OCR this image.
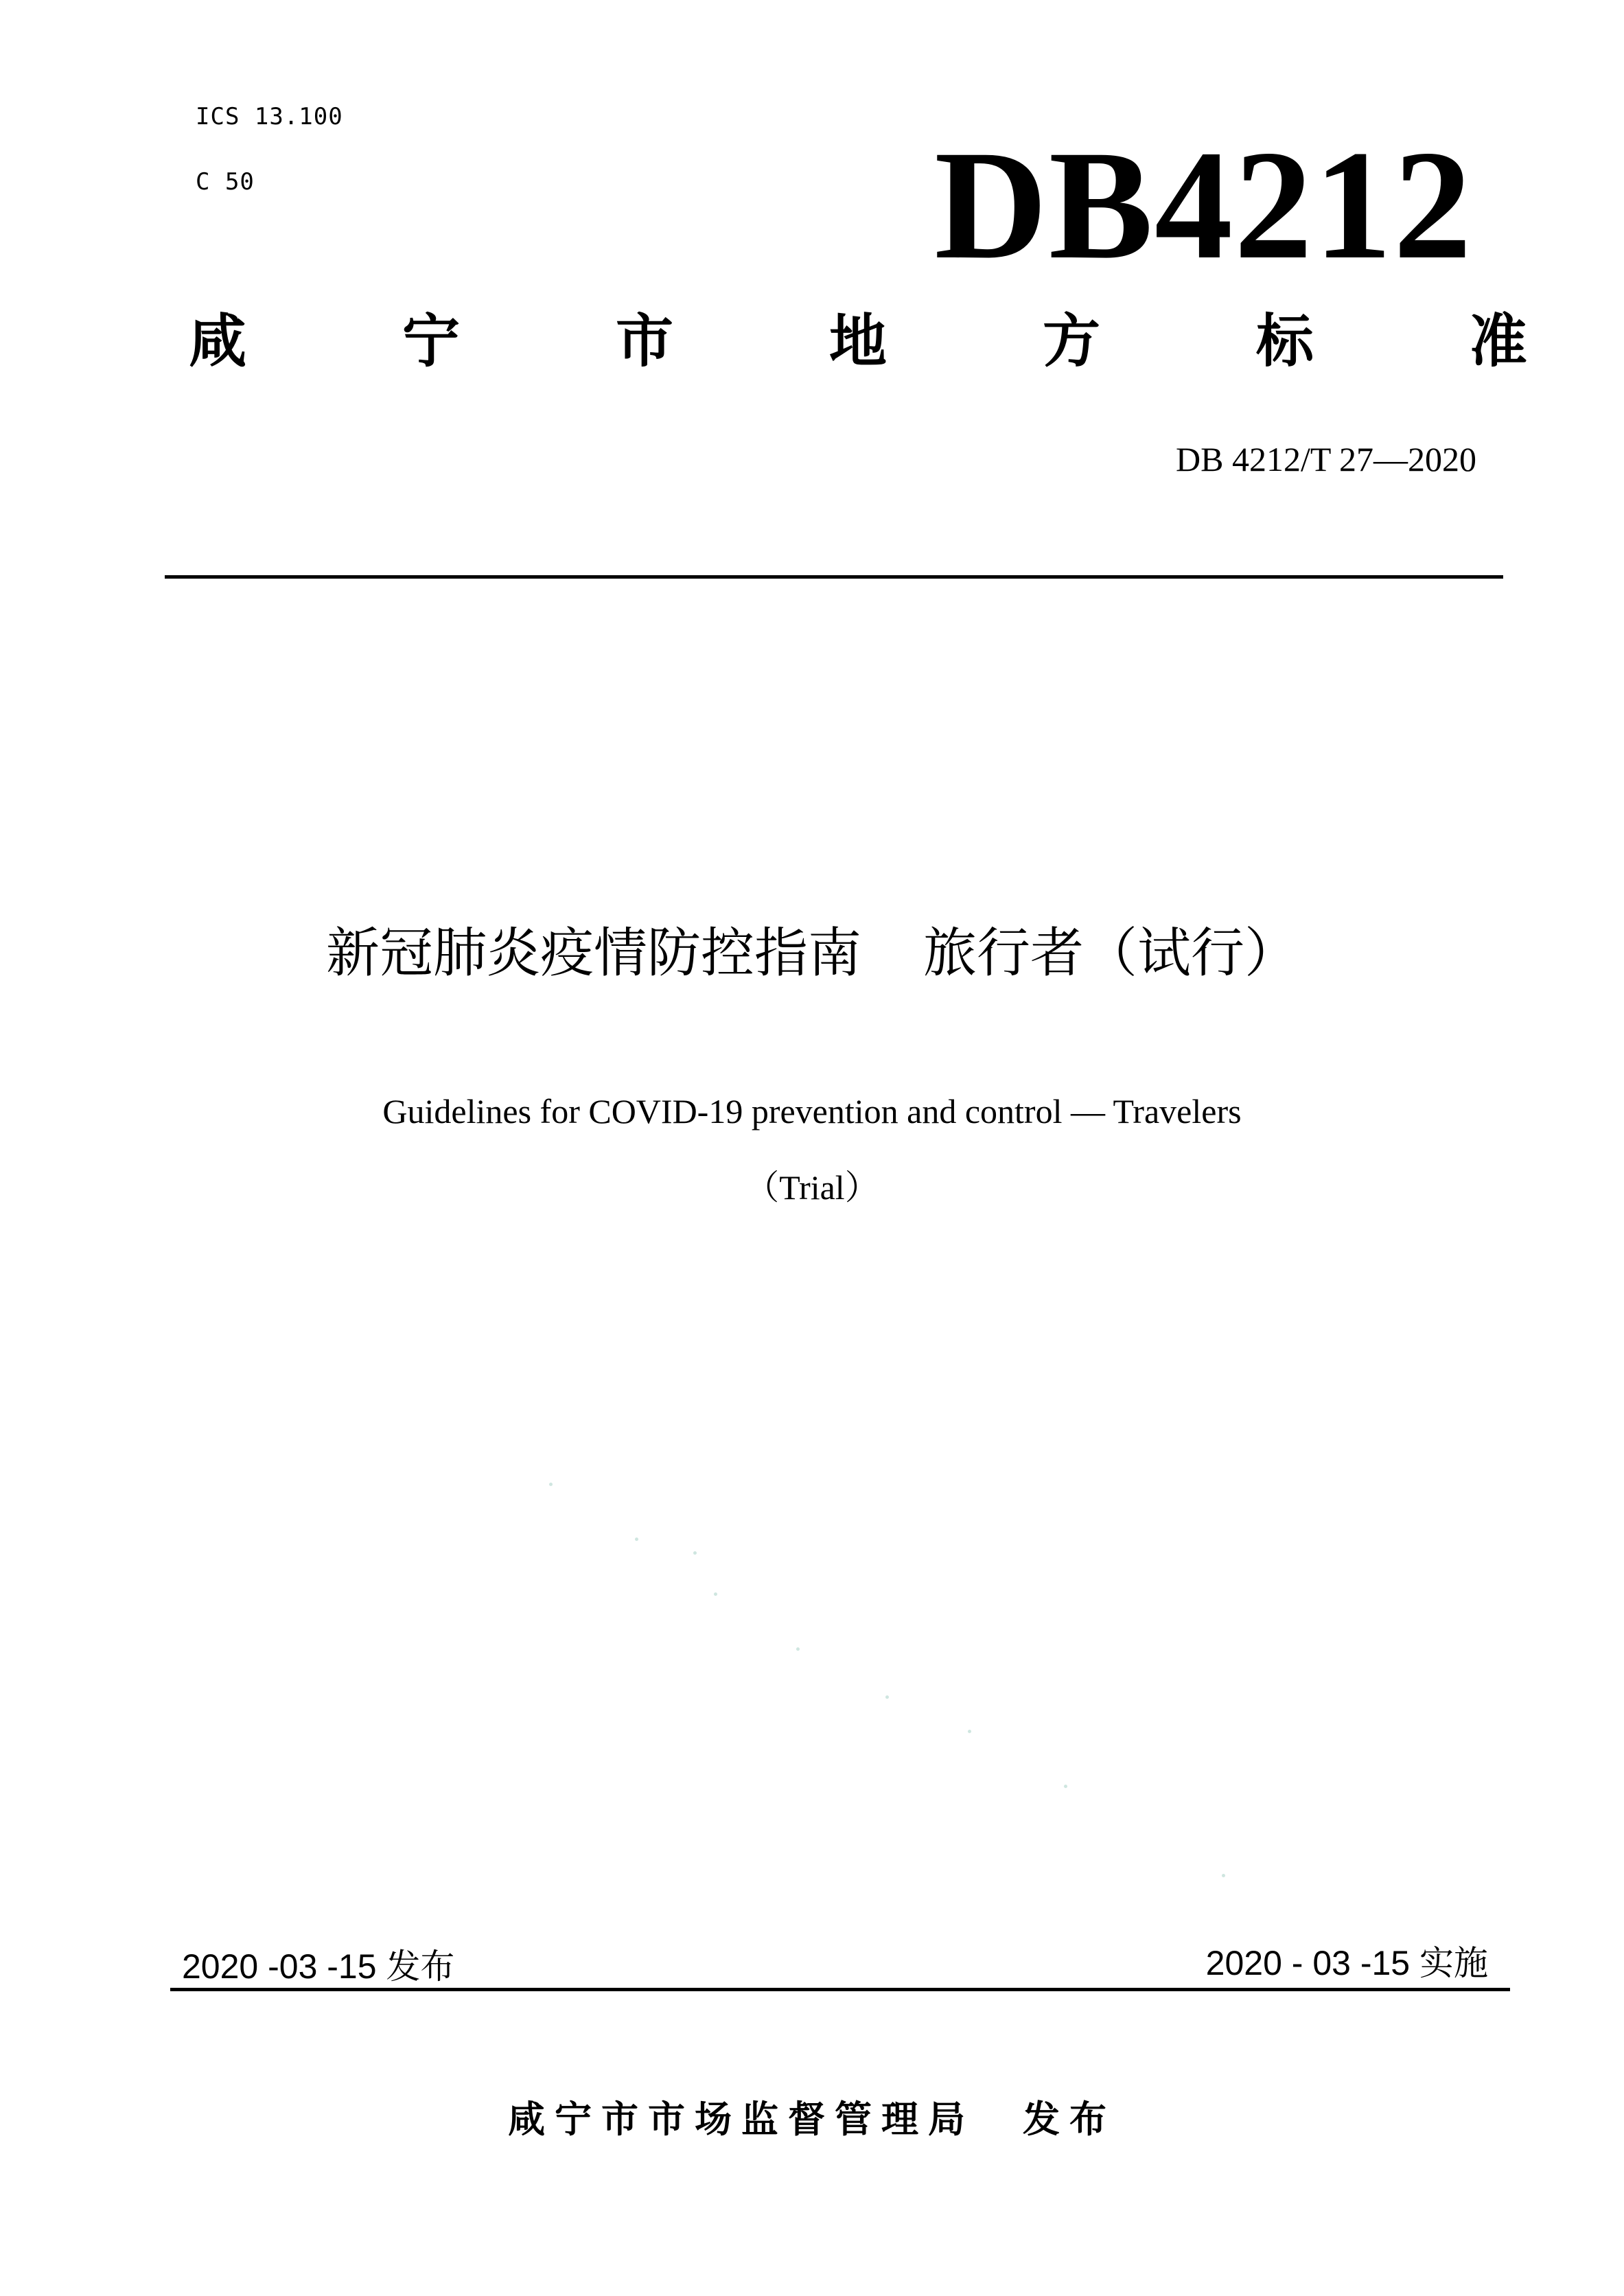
ICS 13.100
C 50	DB4212
咸	宁	市	地	方	标	准
DB 4212/T 27—2020
新冠肺炎疫情防控指南 旅行者（试行）
Guidelines for COVID-19 prevention and control — Travelers
（Trial）
2020 -03 -15 发布	2020 - 03 -15 实施
咸宁市市场监督管理局 发布
